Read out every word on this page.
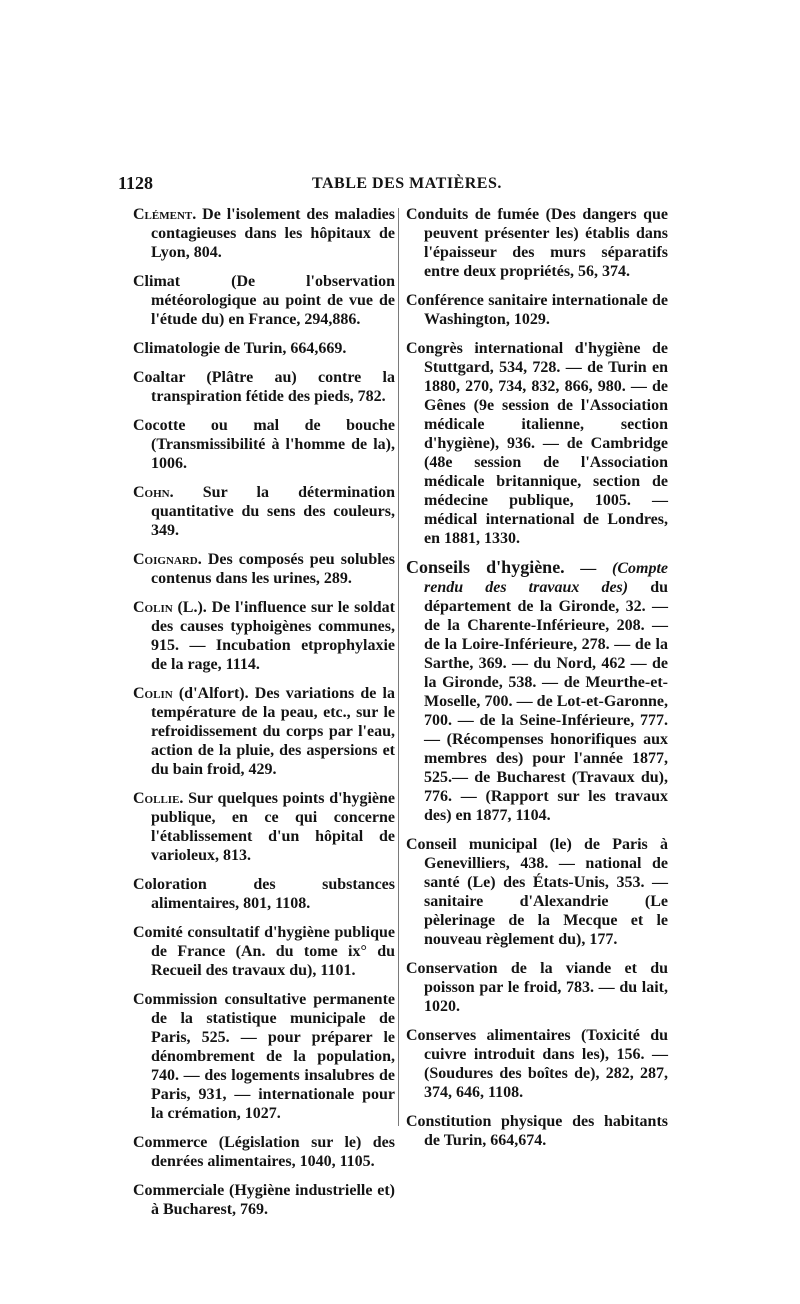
1128	TABLE DES MATIÈRES.

Clément. De l'isolement des maladies contagieuses dans les hôpitaux de Lyon, 804.

Climat (De l'observation météorologique au point de vue de l'étude du) en France, 294,886.

Climatologie de Turin, 664,669.

Coaltar (Plâtre au) contre la transpiration fétide des pieds, 782.

Cocotte ou mal de bouche (Transmissibilité à l'homme de la), 1006.

Cohn. Sur la détermination quantitative du sens des couleurs, 349.

Coignard. Des composés peu solubles contenus dans les urines, 289.

Colin (L.). De l'influence sur le soldat des causes typhoigènes communes, 915. — Incubation etprophylaxie de la rage, 1114.

Colin (d'Alfort). Des variations de la température de la peau, etc., sur le refroidissement du corps par l'eau, action de la pluie, des aspersions et du bain froid, 429.

Collie. Sur quelques points d'hygiène publique, en ce qui concerne l'établissement d'un hôpital de varioleux, 813.

Coloration des substances alimentaires, 801, 1108.

Comité consultatif d'hygiène publique de France (An. du tome ix° du Recueil des travaux du), 1101.

Commission consultative permanente de la statistique municipale de Paris, 525. — pour préparer le dénombrement de la population, 740. — des logements insalubres de Paris, 931, — internationale pour la crémation, 1027.

Commerce (Législation sur le) des denrées alimentaires, 1040, 1105.

Commerciale (Hygiène industrielle et) à Bucharest, 769.

Conduits de fumée (Des dangers que peuvent présenter les) établis dans l'épaisseur des murs séparatifs entre deux propriétés, 56, 374.

Conférence sanitaire internationale de Washington, 1029.

Congrès international d'hygiène de Stuttgard, 534, 728. — de Turin en 1880, 270, 734, 832, 866, 980. — de Gênes (9e session de l'Association médicale italienne, section d'hygiène), 936. — de Cambridge (48e session de l'Association médicale britannique, section de médecine publique, 1005. — médical international de Londres, en 1881, 1330.

Conseils d'hygiène. — (Compte rendu des travaux des) du département de la Gironde, 32. — de la Charente-Inférieure, 208. — de la Loire-Inférieure, 278. — de la Sarthe, 369. — du Nord, 462 — de la Gironde, 538. — de Meurthe-et-Moselle, 700. — de Lot-et-Garonne, 700. — de la Seine-Inférieure, 777. — (Récompenses honorifiques aux membres des) pour l'année 1877, 525.— de Bucharest (Travaux du), 776. — (Rapport sur les travaux des) en 1877, 1104.

Conseil municipal (le) de Paris à Genevilliers, 438. — national de santé (Le) des États-Unis, 353. — sanitaire d'Alexandrie (Le pèlerinage de la Mecque et le nouveau règlement du), 177.

Conservation de la viande et du poisson par le froid, 783. — du lait, 1020.

Conserves alimentaires (Toxicité du cuivre introduit dans les), 156. — (Soudures des boîtes de), 282, 287, 374, 646, 1108.

Constitution physique des habitants de Turin, 664,674.
